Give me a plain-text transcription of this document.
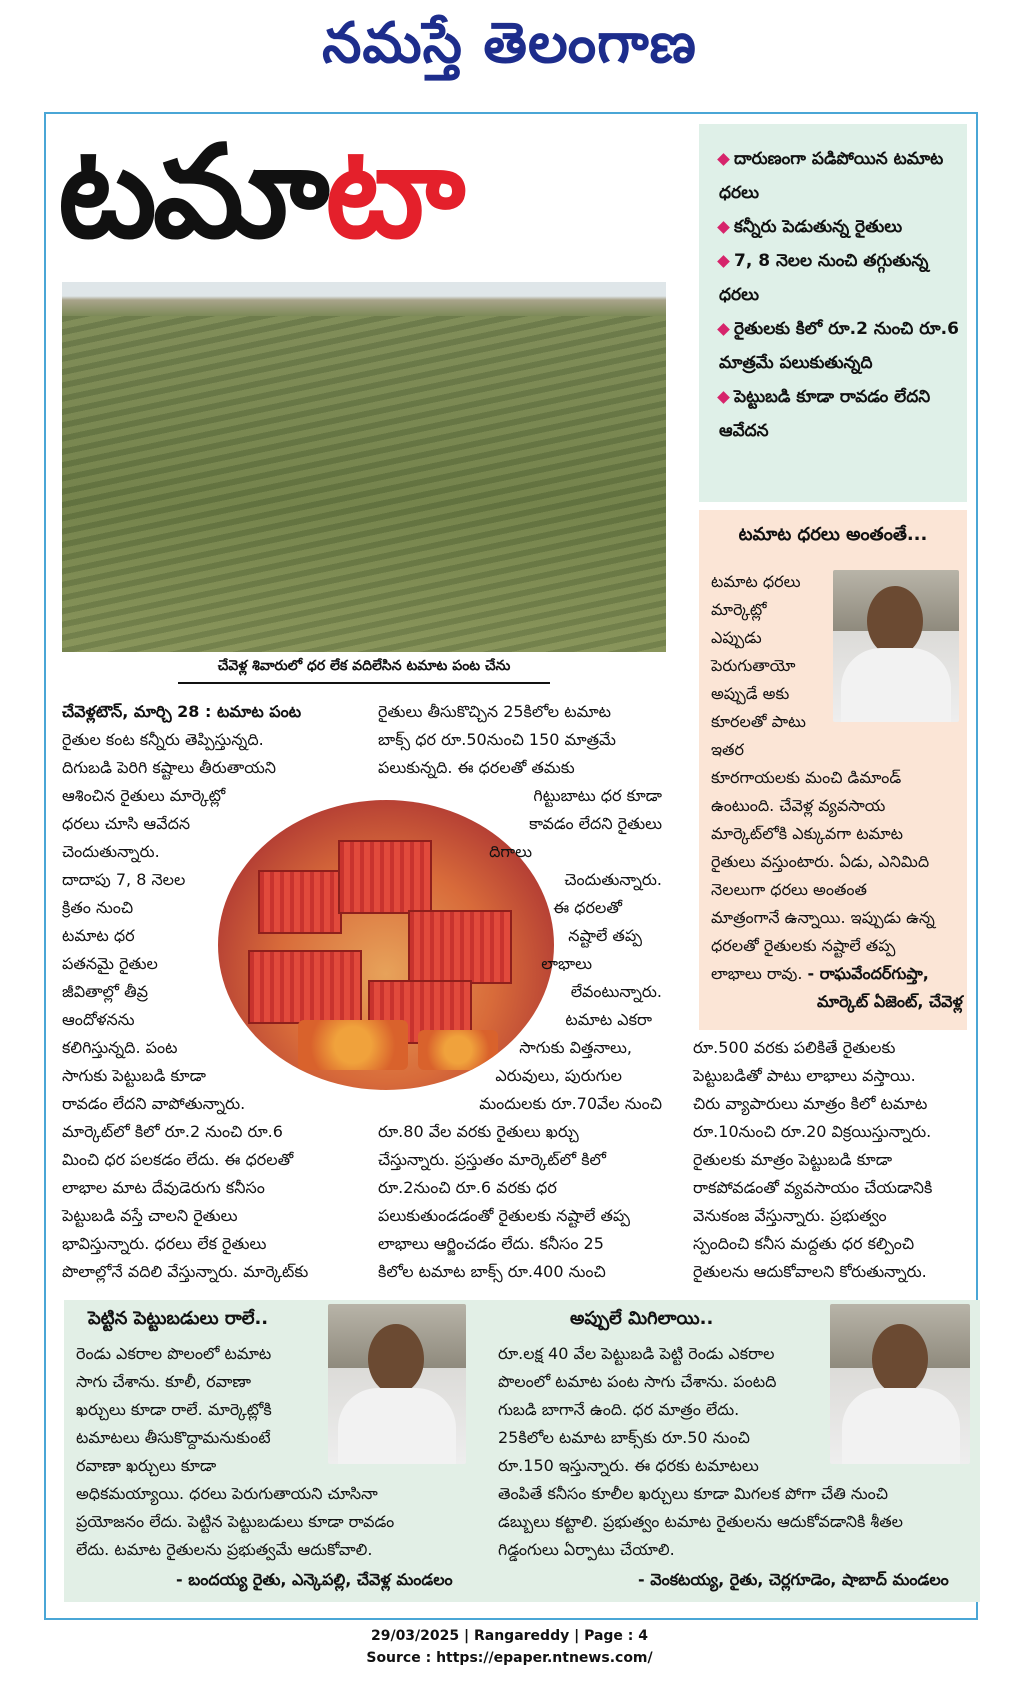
నమస్తే తెలంగాణ
టమాటా
చేవెళ్ల శివారులో ధర లేక వదిలేసిన టమాట పంట చేను
దారుణంగా పడిపోయిన టమాట ధరలు
కన్నీరు పెడుతున్న రైతులు
7, 8 నెలల నుంచి తగ్గుతున్న ధరలు
రైతులకు కిలో రూ.2 నుంచి రూ.6 మాత్రమే పలుకుతున్నది
పెట్టుబడి కూడా రావడం లేదని ఆవేదన
టమాట ధరలు అంతంతే...
టమాట ధరలు
మార్కెట్లో
ఎప్పుడు
పెరుగుతాయో
అప్పుడే అకు
కూరలతో పాటు
ఇతర
కూరగాయలకు మంచి డిమాండ్
ఉంటుంది. చేవెళ్ల వ్యవసాయ
మార్కెట్‌లోకి ఎక్కువగా టమాట
రైతులు వస్తుంటారు. ఏడు, ఎనిమిది
నెలలుగా ధరలు అంతంత
మాత్రంగానే ఉన్నాయి. ఇప్పుడు ఉన్న
ధరలతో రైతులకు నష్టాలే తప్ప
లాభాలు రావు. - రాఘవేందర్‌గుప్తా,
మార్కెట్ ఏజెంట్, చేవెళ్ల
చేవెళ్లటౌన్, మార్చి 28 : టమాట పంట
రైతుల కంట కన్నీరు తెప్పిస్తున్నది.
దిగుబడి పెరిగి కష్టాలు తీరుతాయని
ఆశించిన రైతులు మార్కెట్లో
ధరలు చూసి ఆవేదన
చెందుతున్నారు.
దాదాపు 7, 8 నెలల
క్రితం నుంచి
టమాట ధర
పతనమై రైతుల
జీవితాల్లో తీవ్ర
ఆందోళనను
కలిగిస్తున్నది. పంట
సాగుకు పెట్టుబడి కూడా
రావడం లేదని వాపోతున్నారు.
మార్కెట్‌లో కిలో రూ.2 నుంచి రూ.6
మించి ధర పలకడం లేదు. ఈ ధరలతో
లాభాల మాట దేవుడెరుగు కనీసం
పెట్టుబడి వస్తే చాలని రైతులు
భావిస్తున్నారు. ధరలు లేక రైతులు
పొలాల్లోనే వదిలి వేస్తున్నారు. మార్కెట్‌కు
రైతులు తీసుకొచ్చిన 25కిలోల టమాట
బాక్స్ ధర రూ.50నుంచి 150 మాత్రమే
పలుకున్నది. ఈ ధరలతో తమకు
గిట్టుబాటు ధర కూడా
కావడం లేదని రైతులు
దిగాలు
చెందుతున్నారు.
ఈ ధరలతో
నష్టాలే తప్ప
లాభాలు
లేవంటున్నారు.
టమాట ఎకరా
సాగుకు విత్తనాలు,
ఎరువులు, పురుగుల
మందులకు రూ.70వేల నుంచి
రూ.80 వేల వరకు రైతులు ఖర్చు
చేస్తున్నారు. ప్రస్తుతం మార్కెట్‌లో కిలో
రూ.2నుంచి రూ.6 వరకు ధర
పలుకుతుండడంతో రైతులకు నష్టాలే తప్ప
లాభాలు ఆర్జించడం లేదు. కనీసం 25
కిలోల టమాట బాక్స్ రూ.400 నుంచి
రూ.500 వరకు పలికితే రైతులకు
పెట్టుబడితో పాటు లాభాలు వస్తాయి.
చిరు వ్యాపారులు మాత్రం కిలో టమాట
రూ.10నుంచి రూ.20 విక్రయిస్తున్నారు.
రైతులకు మాత్రం పెట్టుబడి కూడా
రాకపోవడంతో వ్యవసాయం చేయడానికి
వెనుకంజ వేస్తున్నారు. ప్రభుత్వం
స్పందించి కనీస మద్దతు ధర కల్పించి
రైతులను ఆదుకోవాలని కోరుతున్నారు.
పెట్టిన పెట్టుబడులు రాలే..
రెండు ఎకరాల పొలంలో టమాట
సాగు చేశాను. కూలీ, రవాణా
ఖర్చులు కూడా రాలే. మార్కెట్లోకి
టమాటలు తీసుకొద్దామనుకుంటే
రవాణా ఖర్చులు కూడా
అధికమయ్యాయి. ధరలు పెరుగుతాయని చూసినా
ప్రయోజనం లేదు. పెట్టిన పెట్టుబడులు కూడా రావడం
లేదు. టమాట రైతులను ప్రభుత్వమే ఆదుకోవాలి.
- బందయ్య రైతు, ఎన్కెపల్లి, చేవెళ్ల మండలం
అప్పులే మిగిలాయి..
రూ.లక్ష 40 వేల పెట్టుబడి పెట్టి రెండు ఎకరాల
పొలంలో టమాట పంట సాగు చేశాను. పంటది
గుబడి బాగానే ఉంది. ధర మాత్రం లేదు.
25కిలోల టమాట బాక్స్‌కు రూ.50 నుంచి
రూ.150 ఇస్తున్నారు. ఈ ధరకు టమాటలు
తెంపితే కనీసం కూలీల ఖర్చులు కూడా మిగలక పోగా చేతి నుంచి
డబ్బులు కట్టాలి. ప్రభుత్వం టమాట రైతులను ఆదుకోవడానికి శీతల
గిడ్డంగులు ఏర్పాటు చేయాలి.
- వెంకటయ్య, రైతు, చెర్లగూడెం, షాబాద్ మండలం
29/03/2025 | Rangareddy | Page : 4
Source : https://epaper.ntnews.com/
